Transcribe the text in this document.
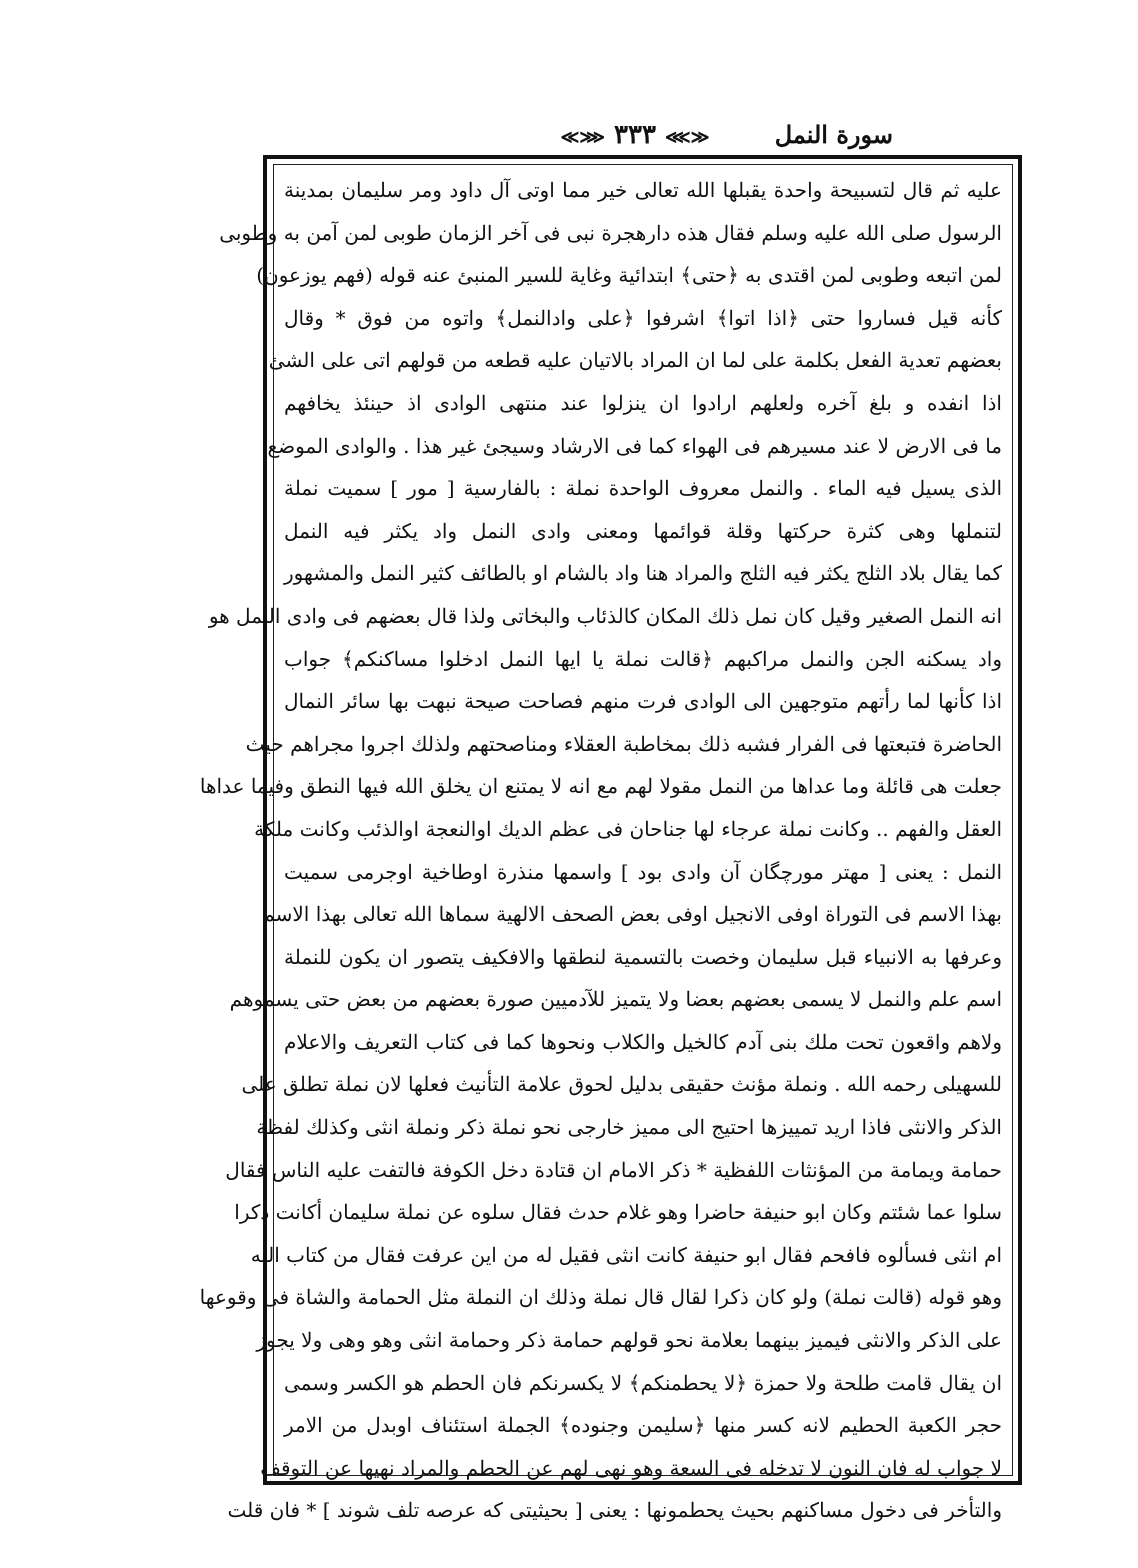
≪⋙ ٣٣٣ ⋘≫	سورة النمل
عليه ثم قال لتسبيحة واحدة يقبلها الله تعالى خير مما اوتى آل داود ومر سليمان بمدينة
الرسول صلى الله عليه وسلم فقال هذه دارهجرة نبى فى آخر الزمان طوبى لمن آمن به وطوبى
لمن اتبعه وطوبى لمن اقتدى به ﴿حتى﴾ ابتدائية وغاية للسير المنبئ عنه قوله (فهم يوزعون)
كأنه قيل فساروا حتى ﴿اذا اتوا﴾ اشرفوا ﴿على وادالنمل﴾ واتوه من فوق * وقال
بعضهم تعدية الفعل بكلمة على لما ان المراد بالاتيان عليه قطعه من قولهم اتى على الشئ
اذا انفده و بلغ آخره ولعلهم ارادوا ان ينزلوا عند منتهى الوادى اذ حينئذ يخافهم
ما فى الارض لا عند مسيرهم فى الهواء كما فى الارشاد وسيجئ غير هذا . والوادى الموضع
الذى يسيل فيه الماء . والنمل معروف الواحدة نملة : بالفارسية [ مور ] سميت نملة
لتنملها وهى كثرة حركتها وقلة قوائمها ومعنى وادى النمل واد يكثر فيه النمل
كما يقال بلاد الثلج يكثر فيه الثلج والمراد هنا واد بالشام او بالطائف كثير النمل والمشهور
انه النمل الصغير وقيل كان نمل ذلك المكان كالذئاب والبخاتى ولذا قال بعضهم فى وادى النمل هو
واد يسكنه الجن والنمل مراكبهم ﴿قالت نملة يا ايها النمل ادخلوا مساكنكم﴾ جواب
اذا كأنها لما رأتهم متوجهين الى الوادى فرت منهم فصاحت صيحة نبهت بها سائر النمال
الحاضرة فتبعتها فى الفرار فشبه ذلك بمخاطبة العقلاء ومناصحتهم ولذلك اجروا مجراهم حيث
جعلت هى قائلة وما عداها من النمل مقولا لهم مع انه لا يمتنع ان يخلق الله فيها النطق وفيما عداها
العقل والفهم .. وكانت نملة عرجاء لها جناحان فى عظم الديك اوالنعجة اوالذئب وكانت ملكة
النمل : يعنى [ مهتر مورچگان آن وادى بود ] واسمها منذرة اوطاخية اوجرمى سميت
بهذا الاسم فى التوراة اوفى الانجيل اوفى بعض الصحف الالهية سماها الله تعالى بهذا الاسم
وعرفها به الانبياء قبل سليمان وخصت بالتسمية لنطقها والافكيف يتصور ان يكون للنملة
اسم علم والنمل لا يسمى بعضهم بعضا ولا يتميز للآدميين صورة بعضهم من بعض حتى يسموهم
ولاهم واقعون تحت ملك بنى آدم كالخيل والكلاب ونحوها كما فى كتاب التعريف والاعلام
للسهيلى رحمه الله . ونملة مؤنث حقيقى بدليل لحوق علامة التأنيث فعلها لان نملة تطلق على
الذكر والانثى فاذا اريد تمييزها احتيج الى مميز خارجى نحو نملة ذكر ونملة انثى وكذلك لفظة
حمامة ويمامة من المؤنثات اللفظية * ذكر الامام ان قتادة دخل الكوفة فالتفت عليه الناس فقال
سلوا عما شئتم وكان ابو حنيفة حاضرا وهو غلام حدث فقال سلوه عن نملة سليمان أكانت ذكرا
ام انثى فسألوه فافحم فقال ابو حنيفة كانت انثى فقيل له من اين عرفت فقال من كتاب الله
وهو قوله (قالت نملة) ولو كان ذكرا لقال قال نملة وذلك ان النملة مثل الحمامة والشاة فى وقوعها
على الذكر والانثى فيميز بينهما بعلامة نحو قولهم حمامة ذكر وحمامة انثى وهو وهى ولا يجوز
ان يقال قامت طلحة ولا حمزة ﴿لا يحطمنكم﴾ لا يكسرنكم فان الحطم هو الكسر وسمى
حجر الكعبة الحطيم لانه كسر منها ﴿سليمن وجنوده﴾ الجملة استئناف اوبدل من الامر
لا جواب له فان النون لا تدخله فى السعة وهو نهى لهم عن الحطم والمراد نهيها عن التوقف
والتأخر فى دخول مساكنهم بحيث يحطمونها : يعنى [ بحيثيتى كه عرصه تلف شوند ] * فان قلت
